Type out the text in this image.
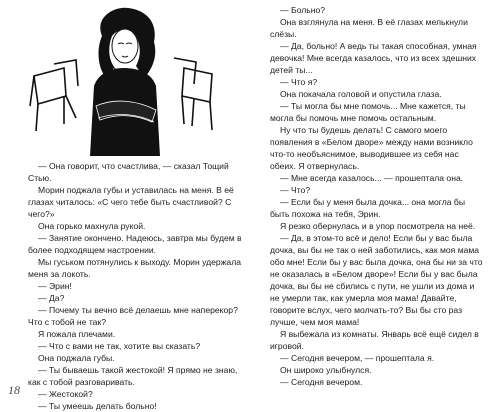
— Она говорит, что счастлива, — сказал Тощий Стью.

Морин поджала губы и уставилась на меня. В её глазах читалось: «С чего тебе быть счастливой? С чего?»

Она горько махнула рукой.

— Занятие окончено. Надеюсь, завтра мы будем в более подходящем настроении.

Мы гуськом потянулись к выходу. Морин удержала меня за локоть.

— Эрин!

— Да?

— Почему ты вечно всё делаешь мне наперекор? Что с тобой не так?

Я пожала плечами.

— Что с вами не так, хотите вы сказать?

Она поджала губы.

— Ты бываешь такой жестокой! Я прямо не знаю, как с тобой разговаривать.

— Жестокой?

— Ты умеешь делать больно!

— Больно?

Она взглянула на меня. В её глазах мелькнули слёзы.

— Да, больно! А ведь ты такая способная, умная девочка! Мне всегда казалось, что из всех здешних детей ты...

— Что я?

Она покачала головой и опустила глаза.

— Ты могла бы мне помочь... Мне кажется, ты могла бы помочь мне помочь остальным.

Ну что ты будешь делать! С самого моего появления в «Белом дворе» между нами возникло что-то необъяснимое, выводившее из себя нас обеих. Я отвернулась.

— Мне всегда казалось... — прошептала она.

— Что?

— Если бы у меня была дочка... она могла бы быть похожа на тебя, Эрин.

Я резко обернулась и в упор посмотрела на неё.

— Да, в этом-то всё и дело! Если бы у вас была дочка, вы бы не так о ней заботились, как моя мама обо мне! Если бы у вас была дочка, она бы ни за что не оказалась в «Белом дворе»! Если бы у вас была дочка, вы бы не сбились с пути, не ушли из дома и не умерли так, как умерла моя мама! Давайте, говорите вслух, чего молчать-то? Вы бы сто раз лучше, чем моя мама!

Я выбежала из комнаты. Январь всё ещё сидел в игровой.

— Сегодня вечером, — прошептала я.

Он широко улыбнулся.

— Сегодня вечером.

18
